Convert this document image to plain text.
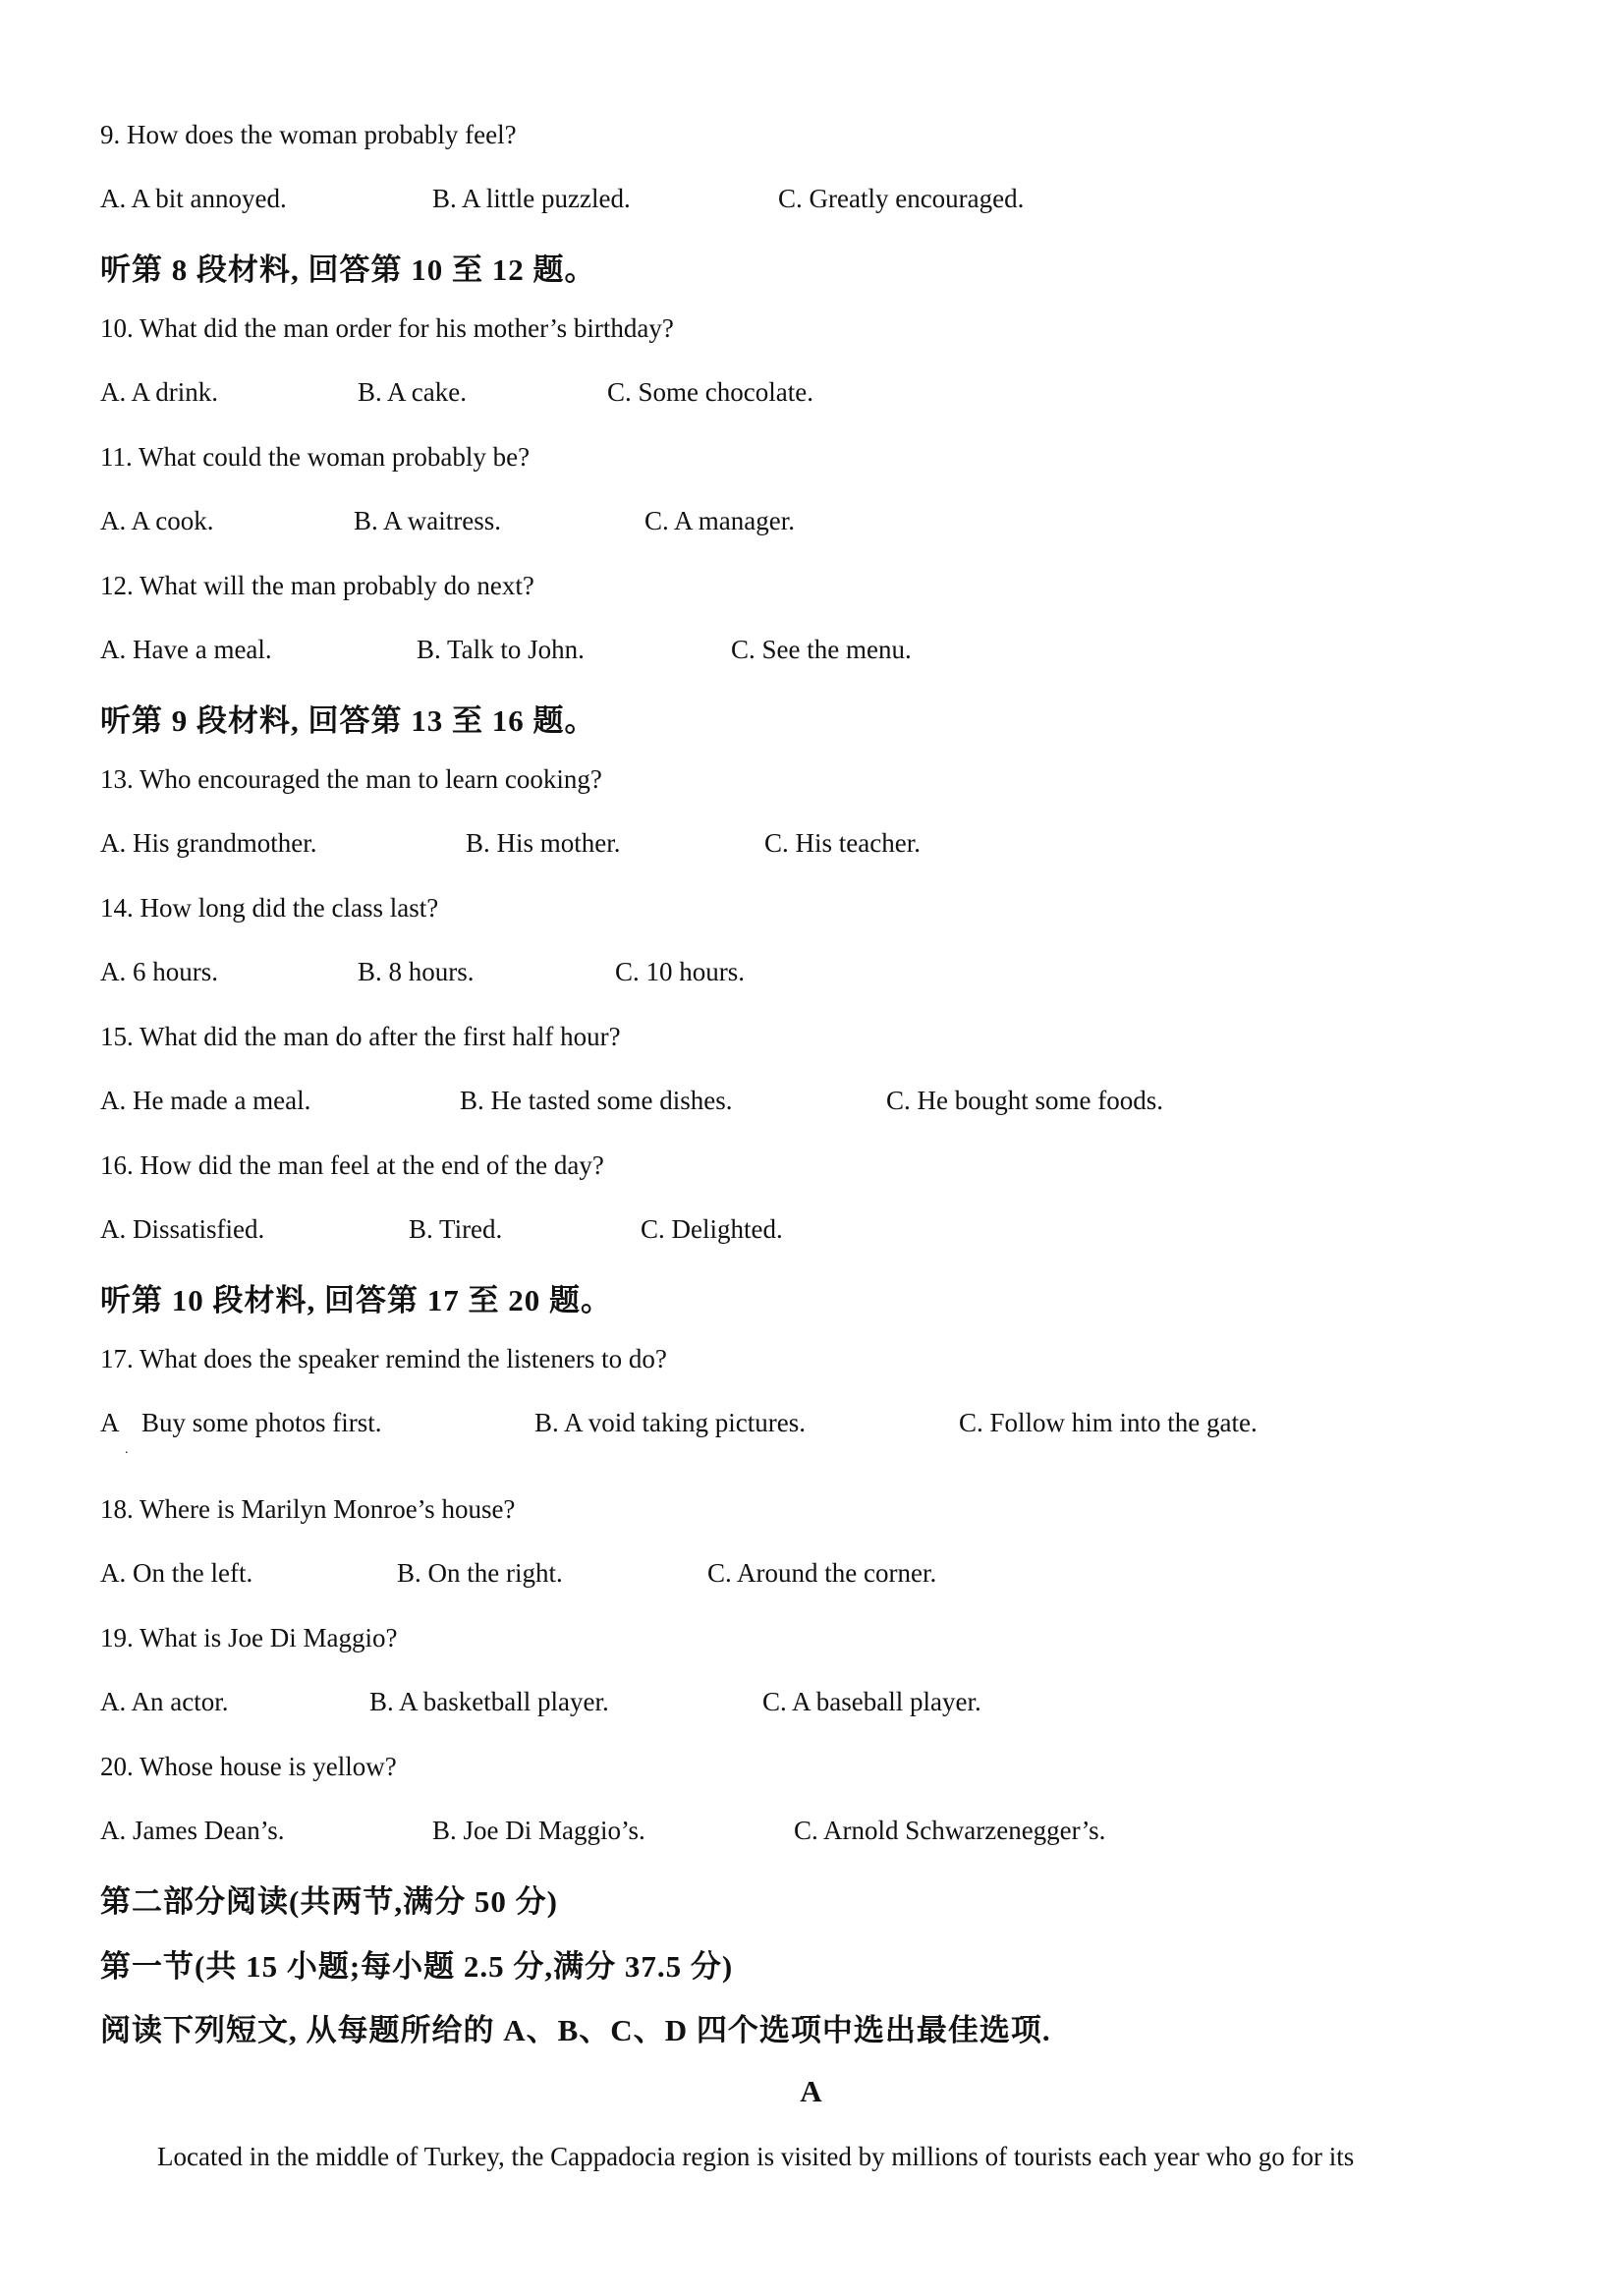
9. How does the woman probably feel?
A. A bit annoyed.	B. A little puzzled.	C. Greatly encouraged.
听第 8 段材料, 回答第 10 至 12 题。
10. What did the man order for his mother’s birthday?
A. A drink.	B. A cake.	C. Some chocolate.
11. What could the woman probably be?
A. A cook.	B. A waitress.	C. A manager.
12. What will the man probably do next?
A. Have a meal.	B. Talk to John.	C. See the menu.
听第 9 段材料, 回答第 13 至 16 题。
13. Who encouraged the man to learn cooking?
A. His grandmother.	B. His mother.	C. His teacher.
14. How long did the class last?
A. 6 hours.	B. 8 hours.	C. 10 hours.
15. What did the man do after the first half hour?
A. He made a meal.	B. He tasted some dishes.	C. He bought some foods.
16. How did the man feel at the end of the day?
A. Dissatisfied.	B. Tired.	C. Delighted.
听第 10 段材料, 回答第 17 至 20 题。
17. What does the speaker remind the listeners to do?
A
.
Buy some photos first.	B. A void taking pictures.	C. Follow him into the gate.
18. Where is Marilyn Monroe’s house?
A. On the left.	B. On the right.	C. Around the corner.
19. What is Joe Di Maggio?
A. An actor.	B. A basketball player.	C. A baseball player.
20. Whose house is yellow?
A. James Dean’s.	B. Joe Di Maggio’s.	C. Arnold Schwarzenegger’s.
第二部分阅读(共两节,满分 50 分)
第一节(共 15 小题;每小题 2.5 分,满分 37.5 分)
阅读下列短文, 从每题所给的 A、B、C、D 四个选项中选出最佳选项.
A
Located in the middle of Turkey, the Cappadocia region is visited by millions of tourists each year who go for its
